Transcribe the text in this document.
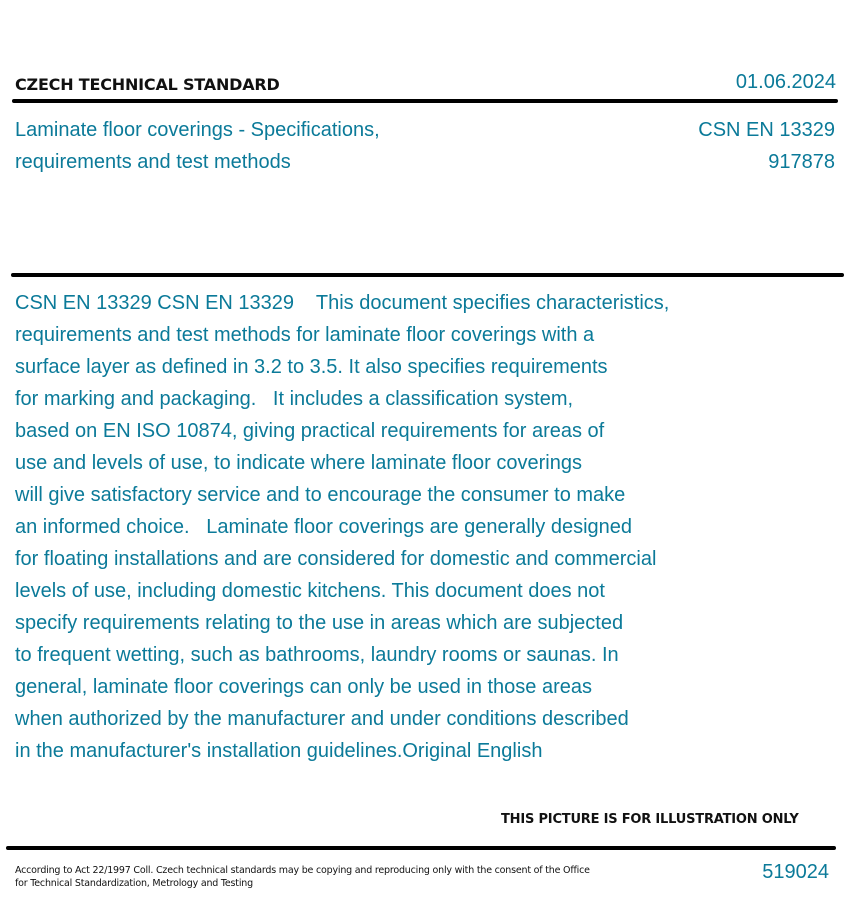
CZECH TECHNICAL STANDARD	01.06.2024
Laminate floor coverings - Specifications,
requirements and test methods
CSN EN 13329
917878
CSN EN 13329 CSN EN 13329    This document specifies characteristics,
requirements and test methods for laminate floor coverings with a
surface layer as defined in 3.2 to 3.5. It also specifies requirements
for marking and packaging.   It includes a classification system,
based on EN ISO 10874, giving practical requirements for areas of
use and levels of use, to indicate where laminate floor coverings
will give satisfactory service and to encourage the consumer to make
an informed choice.   Laminate floor coverings are generally designed
for floating installations and are considered for domestic and commercial
levels of use, including domestic kitchens. This document does not
specify requirements relating to the use in areas which are subjected
to frequent wetting, such as bathrooms, laundry rooms or saunas. In
general, laminate floor coverings can only be used in those areas
when authorized by the manufacturer and under conditions described
in the manufacturer's installation guidelines.Original English
THIS PICTURE IS FOR ILLUSTRATION ONLY
According to Act 22/1997 Coll. Czech technical standards may be copying and reproducing only with the consent of the Office
for Technical Standardization, Metrology and Testing
519024
